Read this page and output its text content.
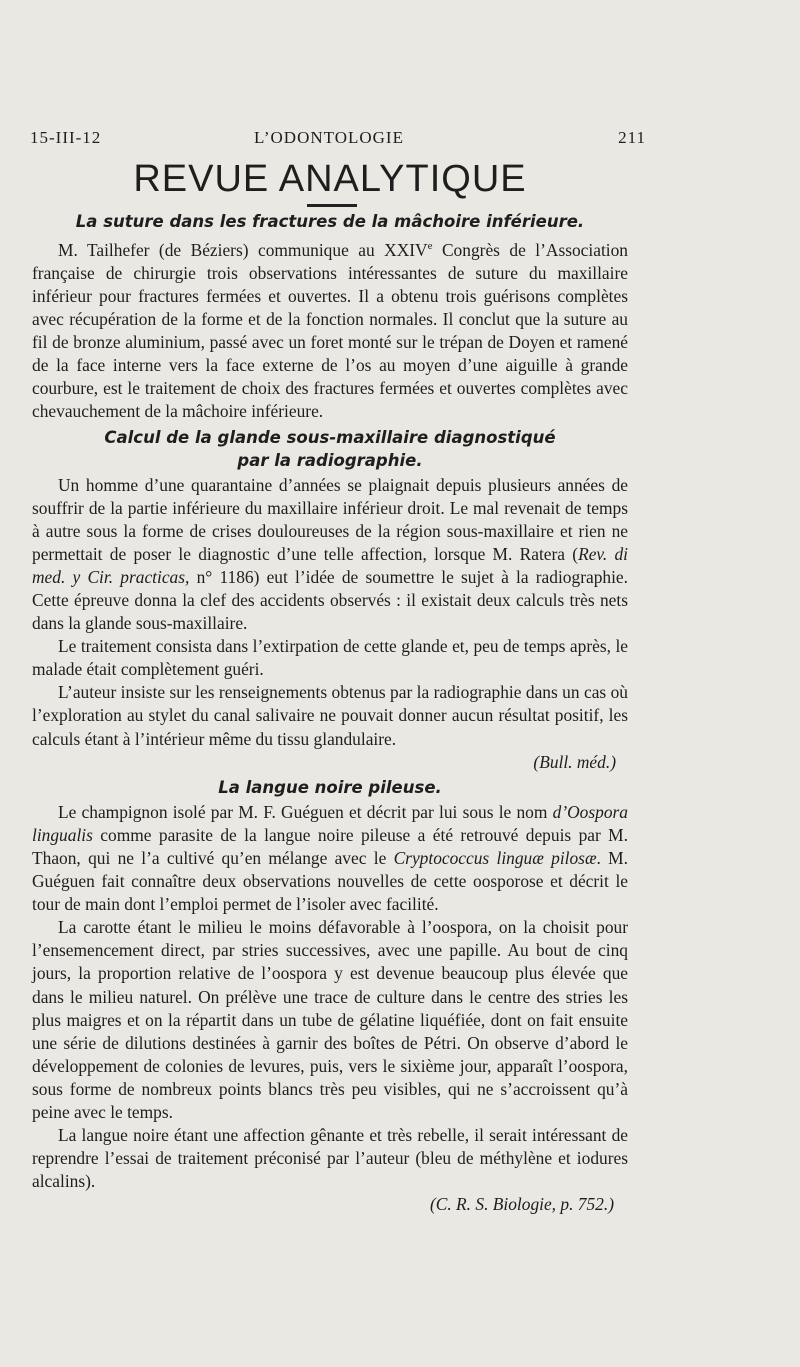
15-III-12	L’ODONTOLOGIE	211
REVUE ANALYTIQUE
La suture dans les fractures de la mâchoire inférieure.

M. Tailhefer (de Béziers) communique au XXIVe Congrès de l’Association française de chirurgie trois observations intéressantes de suture du maxillaire inférieur pour fractures fermées et ouvertes. Il a obtenu trois guérisons complètes avec récupération de la forme et de la fonction normales. Il conclut que la suture au fil de bronze aluminium, passé avec un foret monté sur le trépan de Doyen et ramené de la face interne vers la face externe de l’os au moyen d’une aiguille à grande courbure, est le traitement de choix des fractures fermées et ouvertes complètes avec chevauchement de la mâchoire inférieure.

Calcul de la glande sous-maxillaire diagnostiqué
par la radiographie.

Un homme d’une quarantaine d’années se plaignait depuis plusieurs années de souffrir de la partie inférieure du maxillaire inférieur droit. Le mal revenait de temps à autre sous la forme de crises douloureuses de la région sous-maxillaire et rien ne permettait de poser le diagnostic d’une telle affection, lorsque M. Ratera (Rev. di med. y Cir. practicas, n° 1186) eut l’idée de soumettre le sujet à la radiographie. Cette épreuve donna la clef des accidents observés : il existait deux calculs très nets dans la glande sous-maxillaire.

Le traitement consista dans l’extirpation de cette glande et, peu de temps après, le malade était complètement guéri.

L’auteur insiste sur les renseignements obtenus par la radiographie dans un cas où l’exploration au stylet du canal salivaire ne pouvait donner aucun résultat positif, les calculs étant à l’intérieur même du tissu glandulaire.

(Bull. méd.)
La langue noire pileuse.

Le champignon isolé par M. F. Guéguen et décrit par lui sous le nom d’Oospora lingualis comme parasite de la langue noire pileuse a été retrouvé depuis par M. Thaon, qui ne l’a cultivé qu’en mélange avec le Cryptococcus linguæ pilosæ. M. Guéguen fait connaître deux observations nouvelles de cette oosporose et décrit le tour de main dont l’emploi permet de l’isoler avec facilité.

La carotte étant le milieu le moins défavorable à l’oospora, on la choisit pour l’ensemencement direct, par stries successives, avec une papille. Au bout de cinq jours, la proportion relative de l’oospora y est devenue beaucoup plus élevée que dans le milieu naturel. On prélève une trace de culture dans le centre des stries les plus maigres et on la répartit dans un tube de gélatine liquéfiée, dont on fait ensuite une série de dilutions destinées à garnir des boîtes de Pétri. On observe d’abord le développement de colonies de levures, puis, vers le sixième jour, apparaît l’oospora, sous forme de nombreux points blancs très peu visibles, qui ne s’accroissent qu’à peine avec le temps.

La langue noire étant une affection gênante et très rebelle, il serait intéressant de reprendre l’essai de traitement préconisé par l’auteur (bleu de méthylène et iodures alcalins).

(C. R. S. Biologie, p. 752.)
